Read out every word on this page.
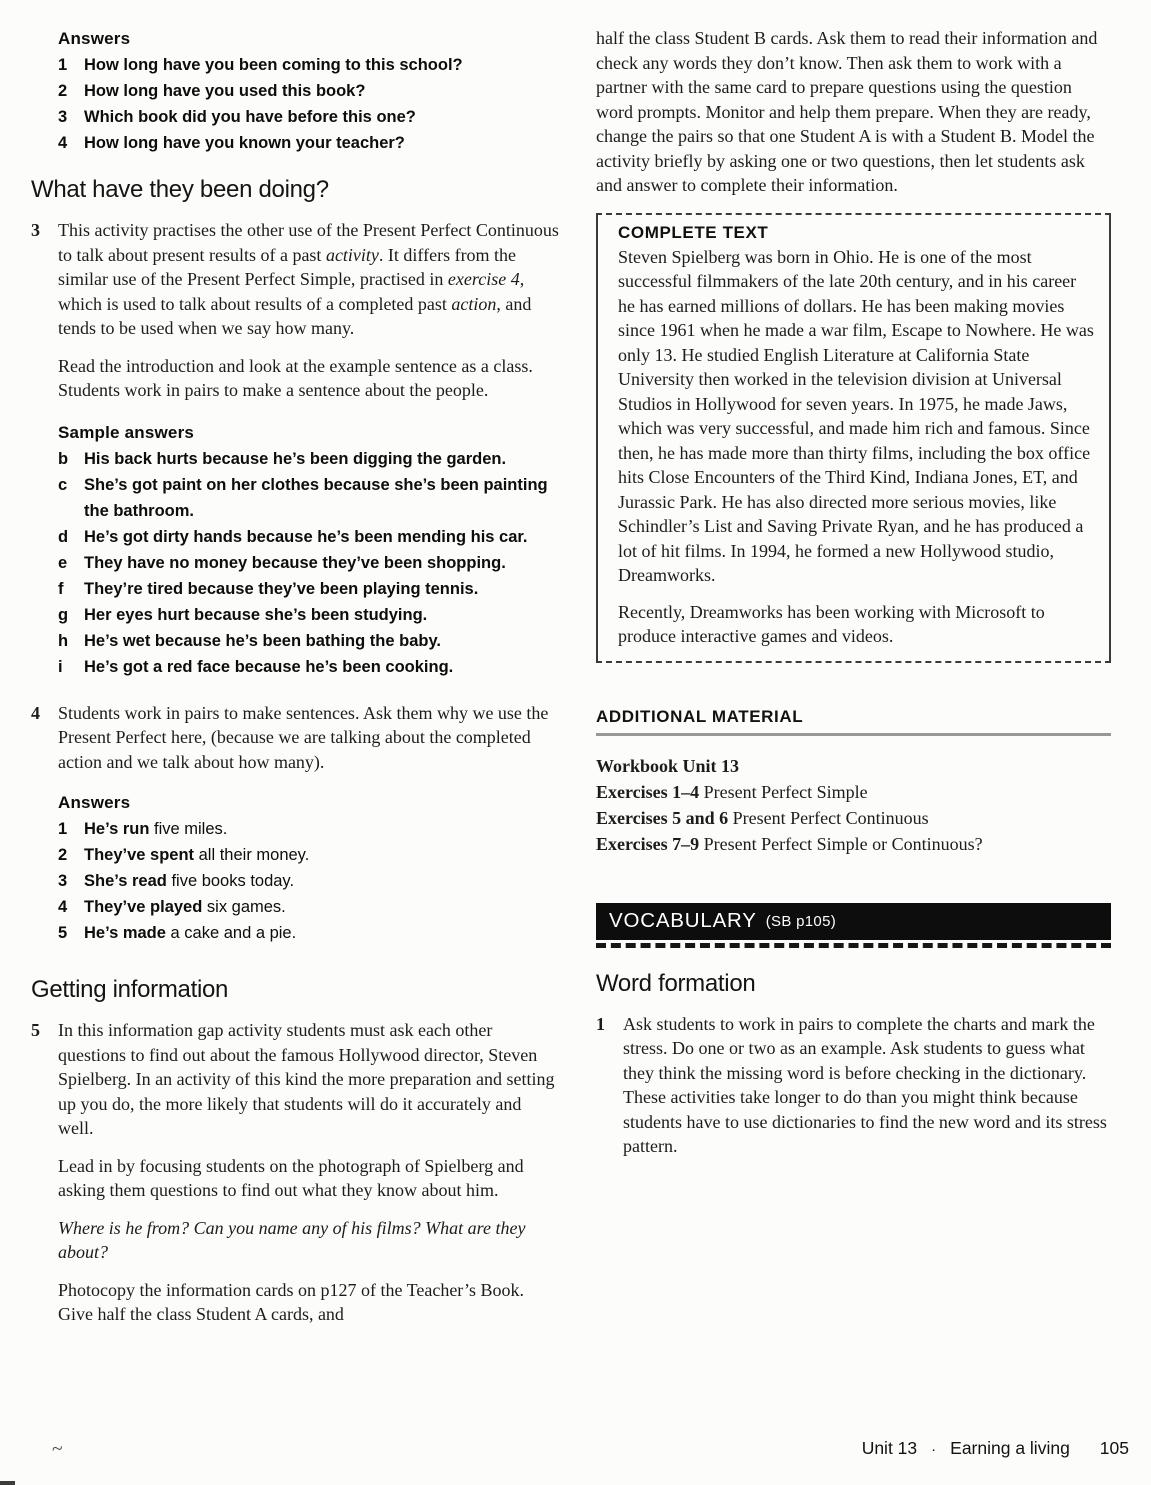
Answers
1	How long have you been coming to this school?
2	How long have you used this book?
3	Which book did you have before this one?
4	How long have you known your teacher?
What have they been doing?
3	This activity practises the other use of the Present Perfect Continuous to talk about present results of a past activity. It differs from the similar use of the Present Perfect Simple, practised in exercise 4, which is used to talk about results of a completed past action, and tends to be used when we say how many.
Read the introduction and look at the example sentence as a class. Students work in pairs to make a sentence about the people.
Sample answers
b His back hurts because he’s been digging the garden.
c	She’s got paint on her clothes because she’s been painting the bathroom.
d He’s got dirty hands because he’s been mending his car.
e	They have no money because they’ve been shopping.
f	They’re tired because they’ve been playing tennis.
g Her eyes hurt because she’s been studying.
h He’s wet because he’s been bathing the baby.
i	He’s got a red face because he’s been cooking.
4	Students work in pairs to make sentences. Ask them why we use the Present Perfect here, (because we are talking about the completed action and we talk about how many).
Answers
1	He’s run five miles.
2	They’ve spent all their money.
3	She’s read five books today.
4	They’ve played six games.
5	He’s made a cake and a pie.
Getting information
5	In this information gap activity students must ask each other questions to find out about the famous Hollywood director, Steven Spielberg. In an activity of this kind the more preparation and setting up you do, the more likely that students will do it accurately and well.
Lead in by focusing students on the photograph of Spielberg and asking them questions to find out what they know about him.
Where is he from? Can you name any of his films? What are they about?
Photocopy the information cards on p127 of the Teacher’s Book. Give half the class Student A cards, and
half the class Student B cards. Ask them to read their information and check any words they don’t know. Then ask them to work with a partner with the same card to prepare questions using the question word prompts. Monitor and help them prepare. When they are ready, change the pairs so that one Student A is with a Student B. Model the activity briefly by asking one or two questions, then let students ask and answer to complete their information.
COMPLETE TEXT
Steven Spielberg was born in Ohio. He is one of the most successful filmmakers of the late 20th century, and in his career he has earned millions of dollars. He has been making movies since 1961 when he made a war film, Escape to Nowhere. He was only 13. He studied English Literature at California State University then worked in the television division at Universal Studios in Hollywood for seven years. In 1975, he made Jaws, which was very successful, and made him rich and famous. Since then, he has made more than thirty films, including the box office hits Close Encounters of the Third Kind, Indiana Jones, ET, and Jurassic Park. He has also directed more serious movies, like Schindler’s List and Saving Private Ryan, and he has produced a lot of hit films. In 1994, he formed a new Hollywood studio, Dreamworks.
Recently, Dreamworks has been working with Microsoft to produce interactive games and videos.
ADDITIONAL MATERIAL
Workbook Unit 13
Exercises 1–4 Present Perfect Simple
Exercises 5 and 6 Present Perfect Continuous
Exercises 7–9 Present Perfect Simple or Continuous?
VOCABULARY (SB p105)
Word formation
1	Ask students to work in pairs to complete the charts and mark the stress. Do one or two as an example. Ask students to guess what they think the missing word is before checking in the dictionary. These activities take longer to do than you might think because students have to use dictionaries to find the new word and its stress pattern.
Unit 13 · Earning a living 105
~
